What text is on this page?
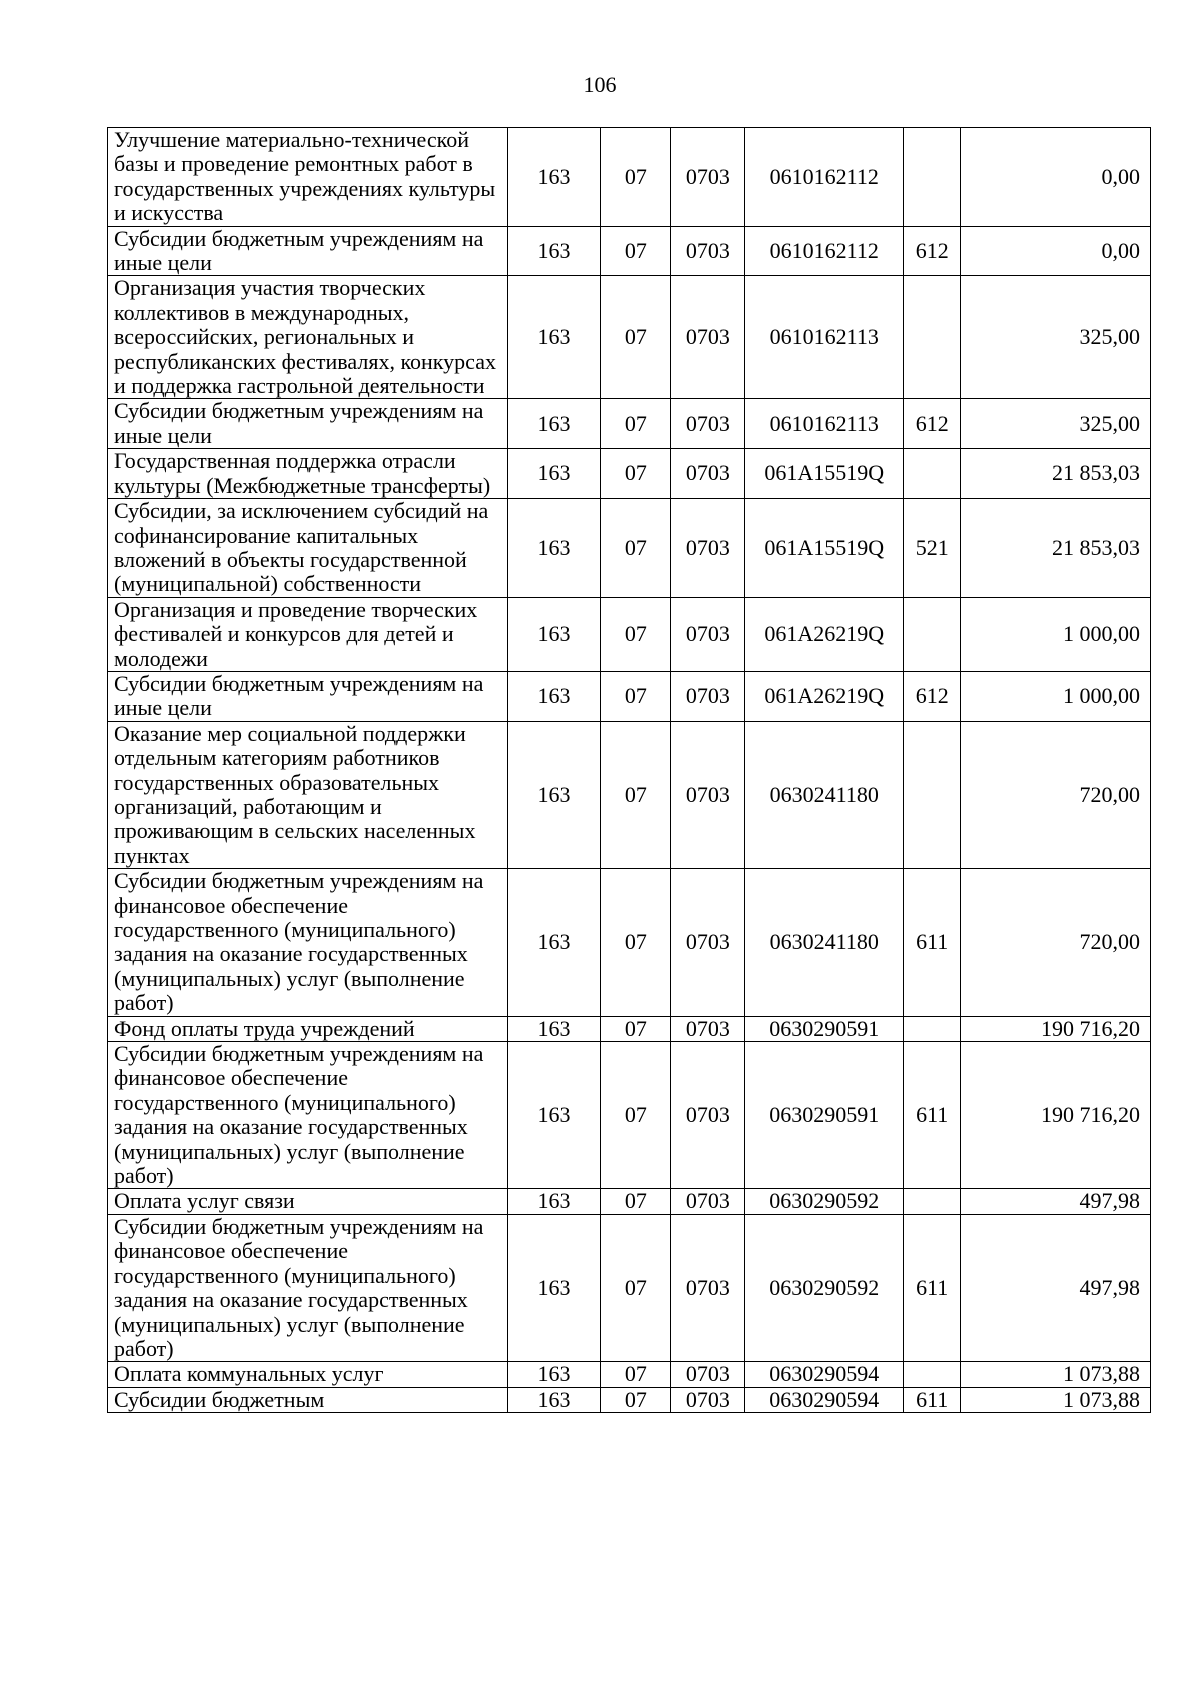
106
Улучшение материально-технической базы и проведение ремонтных работ в государственных учреждениях культуры и искусства	163	07	0703	0610162112		0,00
Субсидии бюджетным учреждениям на иные цели	163	07	0703	0610162112	612	0,00
Организация участия творческих коллективов в международных, всероссийских, региональных и республиканских фестивалях, конкурсах и поддержка гастрольной деятельности	163	07	0703	0610162113		325,00
Субсидии бюджетным учреждениям на иные цели	163	07	0703	0610162113	612	325,00
Государственная поддержка отрасли культуры (Межбюджетные трансферты)	163	07	0703	061A15519Q		21 853,03
Субсидии, за исключением субсидий на софинансирование капитальных вложений в объекты государственной (муниципальной) собственности	163	07	0703	061A15519Q	521	21 853,03
Организация и проведение творческих фестивалей и конкурсов для детей и молодежи	163	07	0703	061A26219Q		1 000,00
Субсидии бюджетным учреждениям на иные цели	163	07	0703	061A26219Q	612	1 000,00
Оказание мер социальной поддержки отдельным категориям работников государственных образовательных организаций, работающим и проживающим в сельских населенных пунктах	163	07	0703	0630241180		720,00
Субсидии бюджетным учреждениям на финансовое обеспечение государственного (муниципального) задания на оказание государственных (муниципальных) услуг (выполнение работ)	163	07	0703	0630241180	611	720,00
Фонд оплаты труда учреждений	163	07	0703	0630290591		190 716,20
Субсидии бюджетным учреждениям на финансовое обеспечение государственного (муниципального) задания на оказание государственных (муниципальных) услуг (выполнение работ)	163	07	0703	0630290591	611	190 716,20
Оплата услуг связи	163	07	0703	0630290592		497,98
Субсидии бюджетным учреждениям на финансовое обеспечение государственного (муниципального) задания на оказание государственных (муниципальных) услуг (выполнение работ)	163	07	0703	0630290592	611	497,98
Оплата коммунальных услуг	163	07	0703	0630290594		1 073,88
Субсидии бюджетным	163	07	0703	0630290594	611	1 073,88
